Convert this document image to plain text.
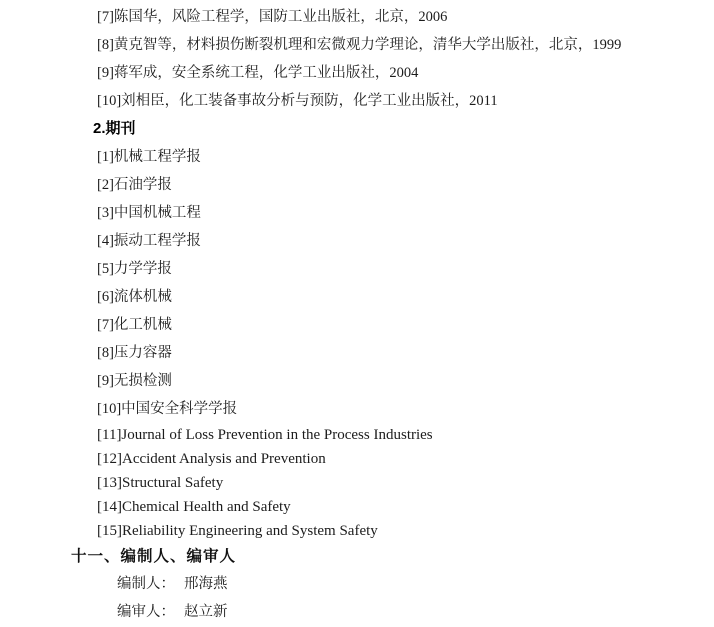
[7]陈国华，风险工程学，国防工业出版社，北京，2006

[8]黄克智等，材料损伤断裂机理和宏微观力学理论，清华大学出版社，北京，1999

[9]蒋军成，安全系统工程，化学工业出版社，2004

[10]刘相臣，化工装备事故分析与预防，化学工业出版社，2011

2.期刊

[1]机械工程学报

[2]石油学报

[3]中国机械工程

[4]振动工程学报

[5]力学学报

[6]流体机械

[7]化工机械

[8]压力容器

[9]无损检测

[10]中国安全科学学报

[11]Journal of Loss Prevention in the Process Industries

[12]Accident Analysis and Prevention

[13]Structural Safety

[14]Chemical Health and Safety

[15]Reliability Engineering and System Safety

十一、编制人、编审人

编制人： 邢海燕

编审人： 赵立新
